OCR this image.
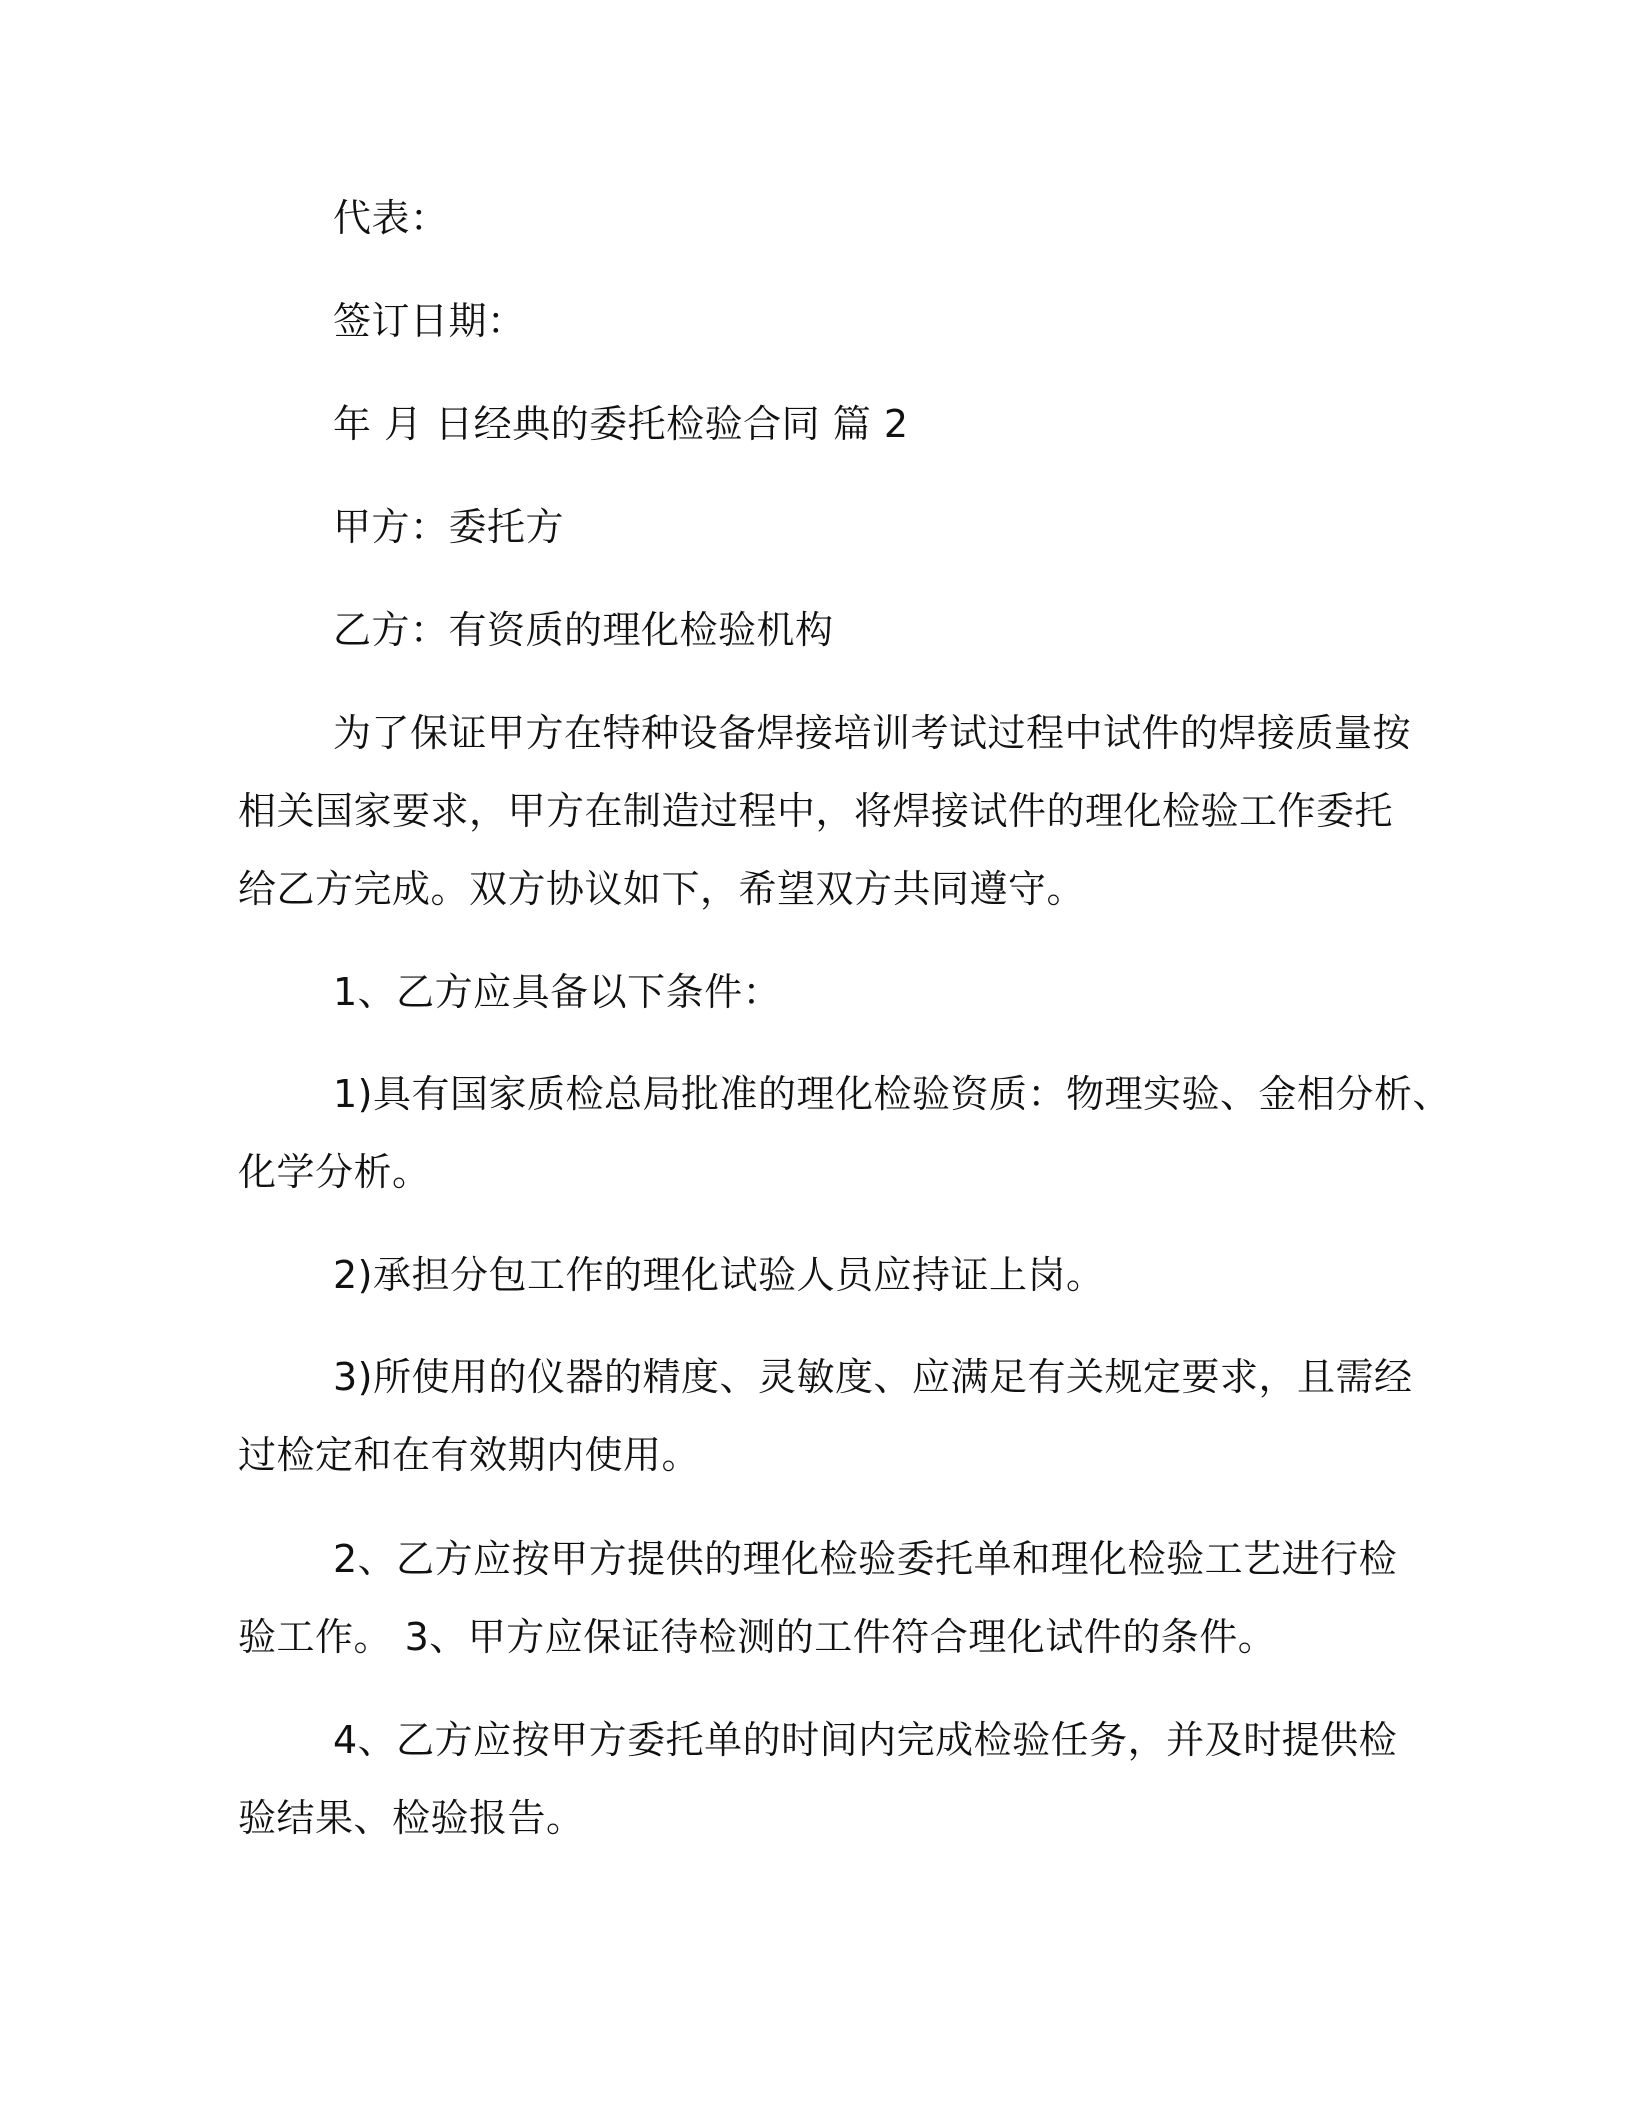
代表：
签订日期：
年 月 日经典的委托检验合同 篇 2
甲方：委托方
乙方：有资质的理化检验机构
为了保证甲方在特种设备焊接培训考试过程中试件的焊接质量按
相关国家要求，甲方在制造过程中，将焊接试件的理化检验工作委托
给乙方完成。双方协议如下，希望双方共同遵守。
1、乙方应具备以下条件：
1)具有国家质检总局批准的理化检验资质：物理实验、金相分析、
化学分析。
2)承担分包工作的理化试验人员应持证上岗。
3)所使用的仪器的精度、灵敏度、应满足有关规定要求，且需经
过检定和在有效期内使用。
2、乙方应按甲方提供的理化检验委托单和理化检验工艺进行检
验工作。 3、甲方应保证待检测的工件符合理化试件的条件。
4、乙方应按甲方委托单的时间内完成检验任务，并及时提供检
验结果、检验报告。
